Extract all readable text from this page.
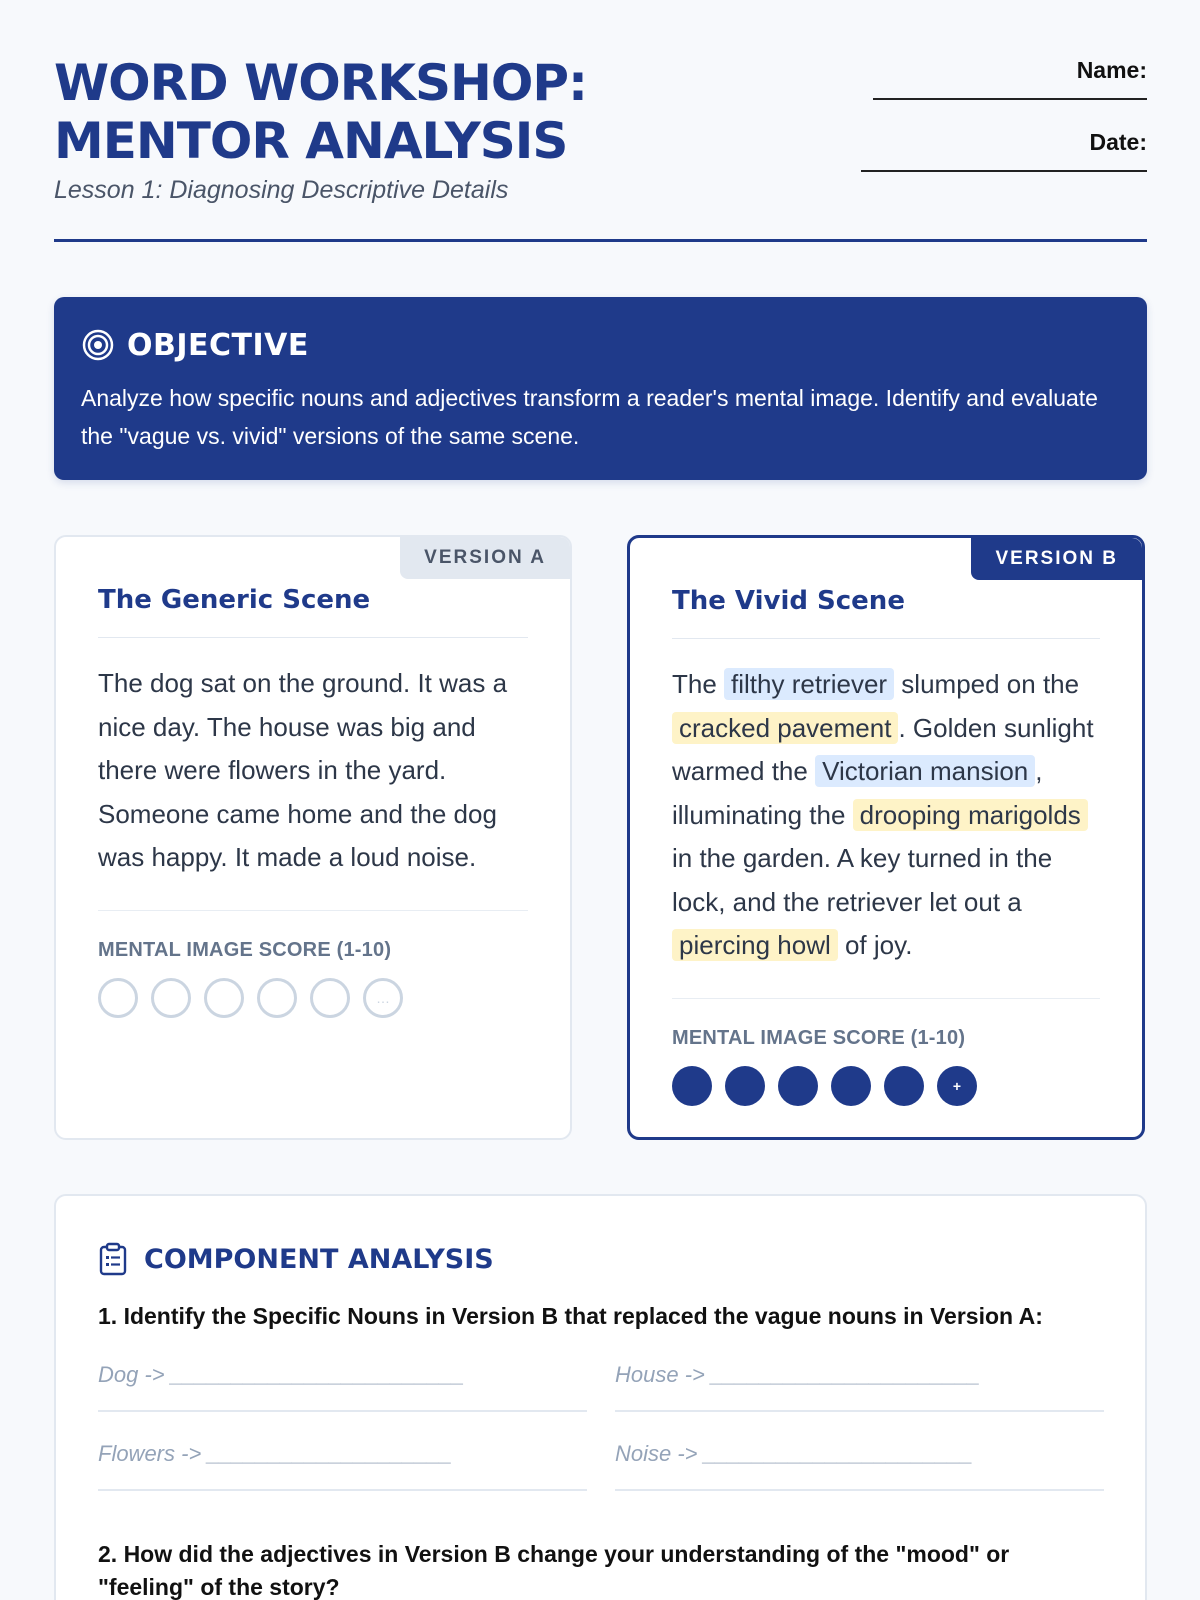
WORD WORKSHOP: MENTOR ANALYSIS
Lesson 1: Diagnosing Descriptive Details
Name:
Date:
OBJECTIVE
Analyze how specific nouns and adjectives transform a reader's mental image. Identify and evaluate the "vague vs. vivid" versions of the same scene.
VERSION A
The Generic Scene
The dog sat on the ground. It was a nice day. The house was big and there were flowers in the yard. Someone came home and the dog was happy. It made a loud noise.
MENTAL IMAGE SCORE (1-10)
…
VERSION B
The Vivid Scene
The filthy retriever slumped on the cracked pavement . Golden sunlight warmed the Victorian mansion , illuminating the drooping marigolds in the garden. A key turned in the lock, and the retriever let out a piercing howl of joy.
MENTAL IMAGE SCORE (1-10)
+
COMPONENT ANALYSIS
1. Identify the Specific Nouns in Version B that replaced the vague nouns in Version A:
Dog -> ________________________	House -> ______________________
Flowers -> ____________________	Noise -> ______________________
2. How did the adjectives in Version B change your understanding of the "mood" or "feeling" of the story?
